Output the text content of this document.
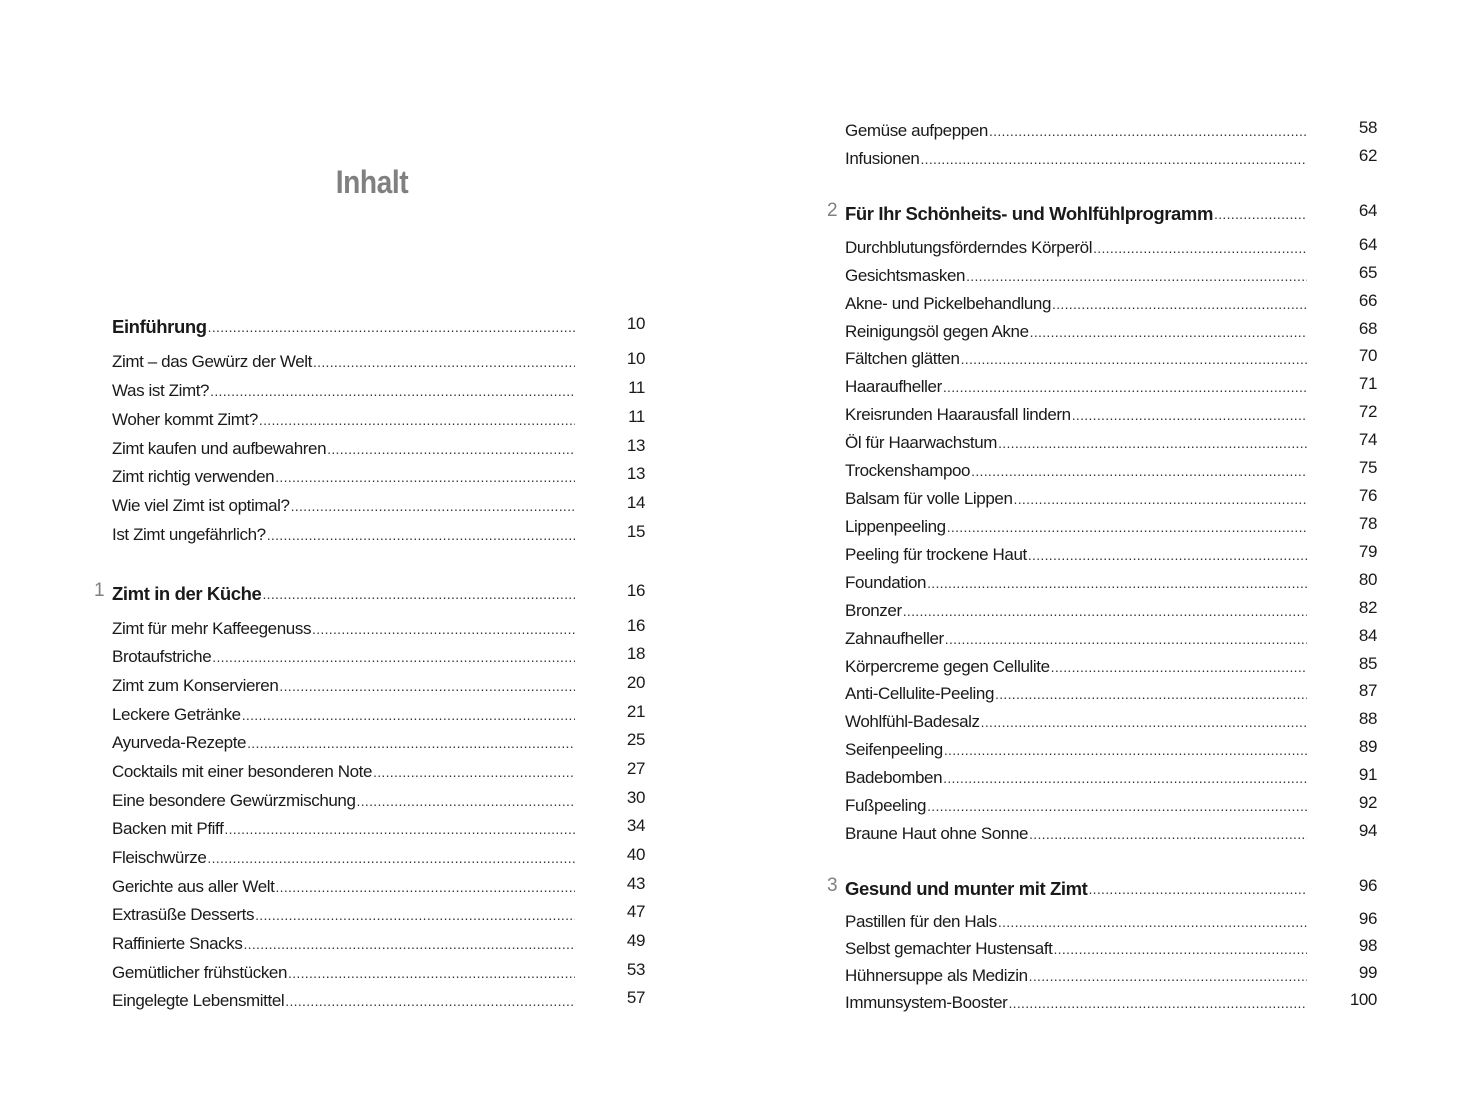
Inhalt
Einführung .....	10
Zimt – das Gewürz der Welt .....	10
Was ist Zimt? .....	11
Woher kommt Zimt? .....	11
Zimt kaufen und aufbewahren .....	13
Zimt richtig verwenden .....	13
Wie viel Zimt ist optimal? .....	14
Ist Zimt ungefährlich? .....	15
1 Zimt in der Küche .....	16
Zimt für mehr Kaffeegenuss .....	16
Brotaufstriche .....	18
Zimt zum Konservieren .....	20
Leckere Getränke .....	21
Ayurveda-Rezepte .....	25
Cocktails mit einer besonderen Note .....	27
Eine besondere Gewürzmischung .....	30
Backen mit Pfiff .....	34
Fleischwürze .....	40
Gerichte aus aller Welt .....	43
Extrasüße Desserts .....	47
Raffinierte Snacks .....	49
Gemütlicher frühstücken .....	53
Eingelegte Lebensmittel .....	57
Gemüse aufpeppen .....	58
Infusionen .....	62
2 Für Ihr Schönheits- und Wohlfühlprogramm .....	64
Durchblutungsförderndes Körperöl .....	64
Gesichtsmasken .....	65
Akne- und Pickelbehandlung .....	66
Reinigungsöl gegen Akne .....	68
Fältchen glätten .....	70
Haaraufheller .....	71
Kreisrunden Haarausfall lindern .....	72
Öl für Haarwachstum .....	74
Trockenshampoo .....	75
Balsam für volle Lippen .....	76
Lippenpeeling .....	78
Peeling für trockene Haut .....	79
Foundation .....	80
Bronzer .....	82
Zahnaufheller .....	84
Körpercreme gegen Cellulite .....	85
Anti-Cellulite-Peeling .....	87
Wohlfühl-Badesalz .....	88
Seifenpeeling .....	89
Badebomben .....	91
Fußpeeling .....	92
Braune Haut ohne Sonne .....	94
3 Gesund und munter mit Zimt .....	96
Pastillen für den Hals .....	96
Selbst gemachter Hustensaft .....	98
Hühnersuppe als Medizin .....	99
Immunsystem-Booster .....	100
